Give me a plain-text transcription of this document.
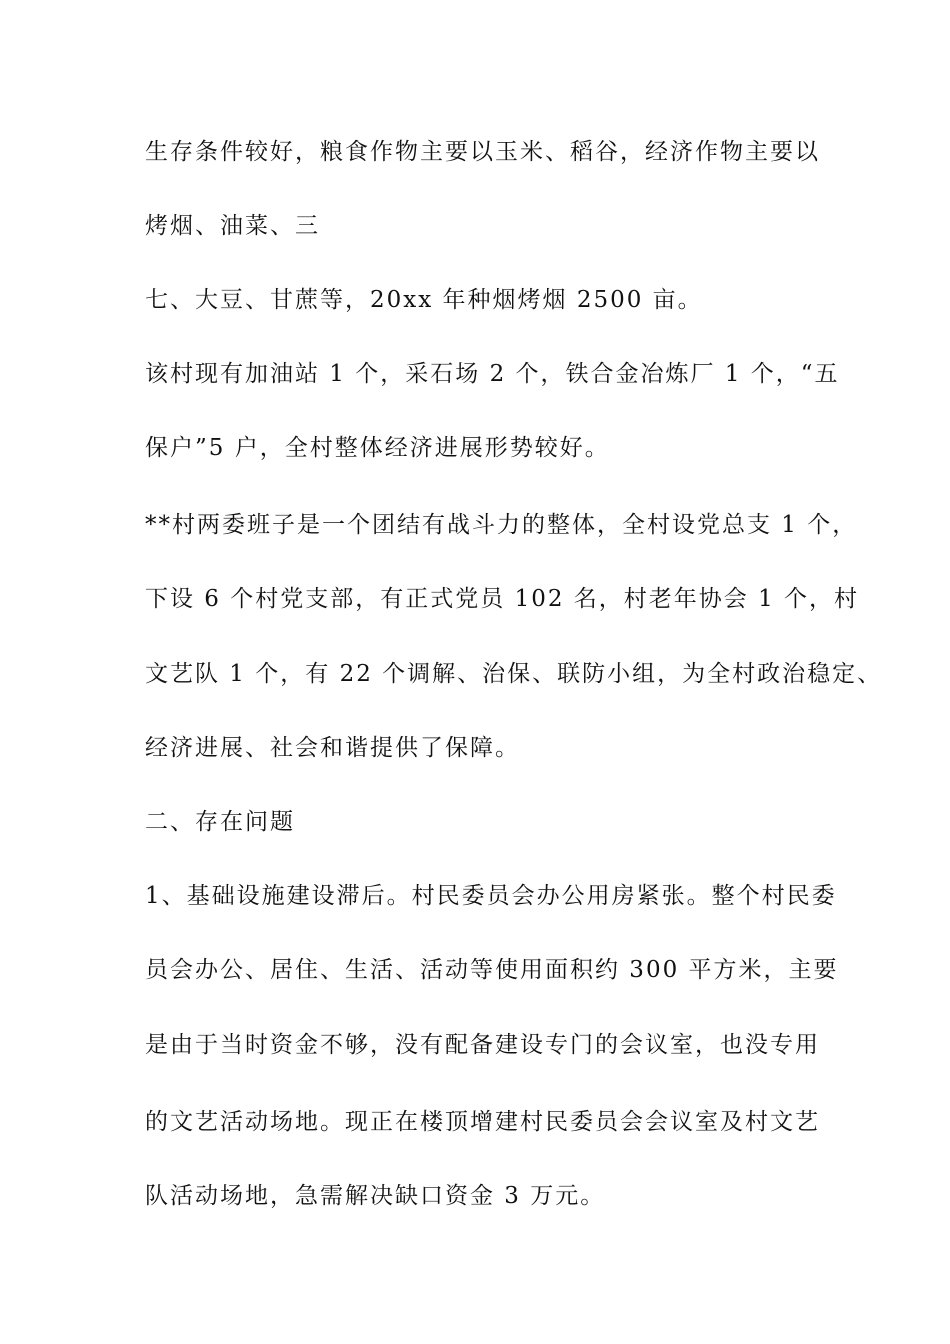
生存条件较好，粮食作物主要以玉米、稻谷，经济作物主要以

烤烟、油菜、三

七、大豆、甘蔗等，20xx 年种烟烤烟 2500 亩。

该村现有加油站 1 个，采石场 2 个，铁合金冶炼厂 1 个，“五

保户”5 户，全村整体经济进展形势较好。

**村两委班子是一个团结有战斗力的整体，全村设党总支 1 个，

下设 6 个村党支部，有正式党员 102 名，村老年协会 1 个，村

文艺队 1 个，有 22 个调解、治保、联防小组，为全村政治稳定、

经济进展、社会和谐提供了保障。

二、存在问题

1、基础设施建设滞后。村民委员会办公用房紧张。整个村民委

员会办公、居住、生活、活动等使用面积约 300 平方米，主要

是由于当时资金不够，没有配备建设专门的会议室，也没专用

的文艺活动场地。现正在楼顶增建村民委员会会议室及村文艺

队活动场地，急需解决缺口资金 3 万元。
